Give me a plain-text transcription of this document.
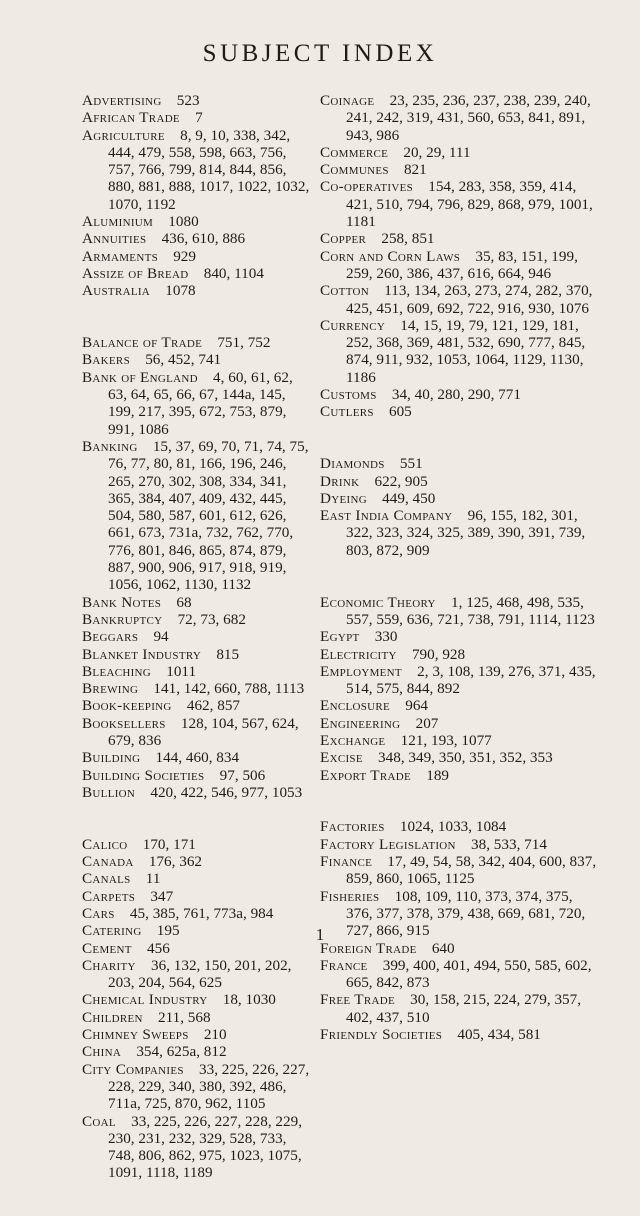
SUBJECT INDEX
Advertising   523
African Trade   7
Agriculture   8, 9, 10, 338, 342, 444, 479, 558, 598, 663, 756, 757, 766, 799, 814, 844, 856, 880, 881, 888, 1017, 1022, 1032, 1070, 1192
Aluminium   1080
Annuities   436, 610, 886
Armaments   929
Assize of Bread   840, 1104
Australia   1078
Balance of Trade   751, 752
Bakers   56, 452, 741
Bank of England   4, 60, 61, 62, 63, 64, 65, 66, 67, 144a, 145, 199, 217, 395, 672, 753, 879, 991, 1086
Banking   15, 37, 69, 70, 71, 74, 75, 76, 77, 80, 81, 166, 196, 246, 265, 270, 302, 308, 334, 341, 365, 384, 407, 409, 432, 445, 504, 580, 587, 601, 612, 626, 661, 673, 731a, 732, 762, 770, 776, 801, 846, 865, 874, 879, 887, 900, 906, 917, 918, 919, 1056, 1062, 1130, 1132
Bank Notes   68
Bankruptcy   72, 73, 682
Beggars   94
Blanket Industry   815
Bleaching   1011
Brewing   141, 142, 660, 788, 1113
Book-keeping   462, 857
Booksellers   128, 104, 567, 624, 679, 836
Building   144, 460, 834
Building Societies   97, 506
Bullion   420, 422, 546, 977, 1053
Calico   170, 171
Canada   176, 362
Canals   11
Carpets   347
Cars   45, 385, 761, 773a, 984
Catering   195
Cement   456
Charity   36, 132, 150, 201, 202, 203, 204, 564, 625
Chemical Industry   18, 1030
Children   211, 568
Chimney Sweeps   210
China   354, 625a, 812
City Companies   33, 225, 226, 227, 228, 229, 340, 380, 392, 486, 711a, 725, 870, 962, 1105
Coal   33, 225, 226, 227, 228, 229, 230, 231, 232, 329, 528, 733, 748, 806, 862, 975, 1023, 1075, 1091, 1118, 1189
Coinage   23, 235, 236, 237, 238, 239, 240, 241, 242, 319, 431, 560, 653, 841, 891, 943, 986
Commerce   20, 29, 111
Communes   821
Co-operatives   154, 283, 358, 359, 414, 421, 510, 794, 796, 829, 868, 979, 1001, 1181
Copper   258, 851
Corn and Corn Laws   35, 83, 151, 199, 259, 260, 386, 437, 616, 664, 946
Cotton   113, 134, 263, 273, 274, 282, 370, 425, 451, 609, 692, 722, 916, 930, 1076
Currency   14, 15, 19, 79, 121, 129, 181, 252, 368, 369, 481, 532, 690, 777, 845, 874, 911, 932, 1053, 1064, 1129, 1130, 1186
Customs   34, 40, 280, 290, 771
Cutlers   605
Diamonds   551
Drink   622, 905
Dyeing   449, 450
East India Company   96, 155, 182, 301, 322, 323, 324, 325, 389, 390, 391, 739, 803, 872, 909
Economic Theory   1, 125, 468, 498, 535, 557, 559, 636, 721, 738, 791, 1114, 1123
Egypt   330
Electricity   790, 928
Employment   2, 3, 108, 139, 276, 371, 435, 514, 575, 844, 892
Enclosure   964
Engineering   207
Exchange   121, 193, 1077
Excise   348, 349, 350, 351, 352, 353
Export Trade   189
Factories   1024, 1033, 1084
Factory Legislation   38, 533, 714
Finance   17, 49, 54, 58, 342, 404, 600, 837, 859, 860, 1065, 1125
Fisheries   108, 109, 110, 373, 374, 375, 376, 377, 378, 379, 438, 669, 681, 720, 727, 866, 915
Foreign Trade   640
France   399, 400, 401, 494, 550, 585, 602, 665, 842, 873
Free Trade   30, 158, 215, 224, 279, 357, 402, 437, 510
Friendly Societies   405, 434, 581
1
